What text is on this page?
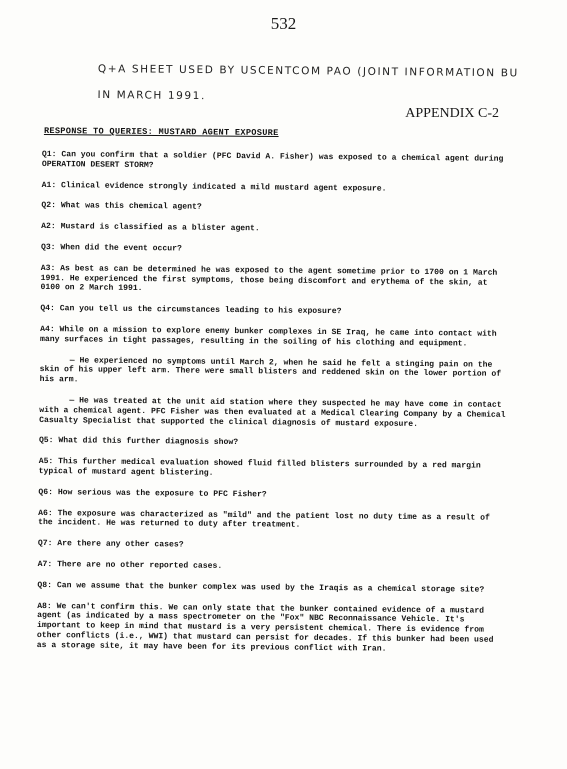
532
Q+A SHEET USED BY USCENTCOM PAO (JOINT INFORMATION BU
IN MARCH 1991.
APPENDIX C-2
RESPONSE TO QUERIES: MUSTARD AGENT EXPOSURE

Q1: Can you confirm that a soldier (PFC David A. Fisher) was exposed to a chemical agent during OPERATION DESERT STORM?

A1: Clinical evidence strongly indicated a mild mustard agent exposure.

Q2: What was this chemical agent?

A2: Mustard is classified as a blister agent.

Q3: When did the event occur?

A3: As best as can be determined he was exposed to the agent sometime prior to 1700 on 1 March 1991. He experienced the first symptoms, those being discomfort and erythema of the skin, at 0100 on 2 March 1991.

Q4: Can you tell us the circumstances leading to his exposure?

A4: While on a mission to explore enemy bunker complexes in SE Iraq, he came into contact with many surfaces in tight passages, resulting in the soiling of his clothing and equipment.

— He experienced no symptoms until March 2, when he said he felt a stinging pain on the skin of his upper left arm. There were small blisters and reddened skin on the lower portion of his arm.

— He was treated at the unit aid station where they suspected he may have come in contact with a chemical agent. PFC Fisher was then evaluated at a Medical Clearing Company by a Chemical Casualty Specialist that supported the clinical diagnosis of mustard exposure.

Q5: What did this further diagnosis show?

A5: This further medical evaluation showed fluid filled blisters surrounded by a red margin typical of mustard agent blistering.

Q6: How serious was the exposure to PFC Fisher?

A6: The exposure was characterized as "mild" and the patient lost no duty time as a result of the incident. He was returned to duty after treatment.

Q7: Are there any other cases?

A7: There are no other reported cases.

Q8: Can we assume that the bunker complex was used by the Iraqis as a chemical storage site?

A8: We can't confirm this. We can only state that the bunker contained evidence of a mustard agent (as indicated by a mass spectrometer on the "Fox" NBC Reconnaissance Vehicle. It's important to keep in mind that mustard is a very persistent chemical. There is evidence from other conflicts (i.e., WWI) that mustard can persist for decades. If this bunker had been used as a storage site, it may have been for its previous conflict with Iran.
